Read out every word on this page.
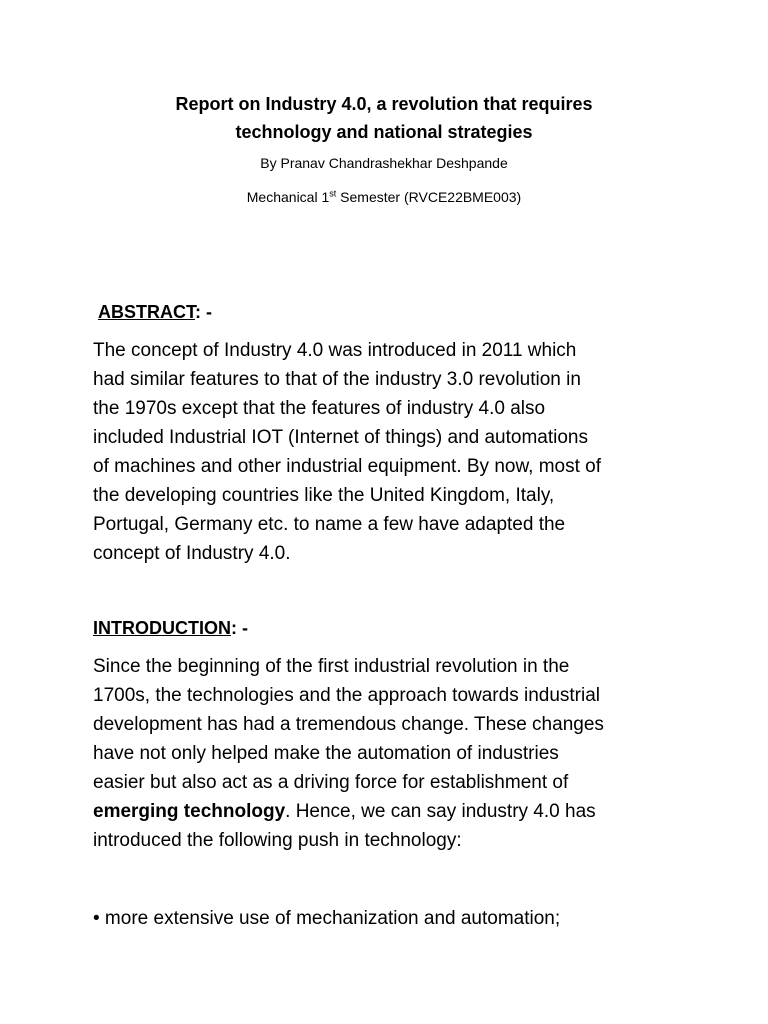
Report on Industry 4.0, a revolution that requires
technology and national strategies
By Pranav Chandrashekhar Deshpande
Mechanical 1st Semester (RVCE22BME003)
ABSTRACT: -

The concept of Industry 4.0 was introduced in 2011 which

had similar features to that of the industry 3.0 revolution in

the 1970s except that the features of industry 4.0 also

included Industrial IOT (Internet of things) and automations

of machines and other industrial equipment. By now, most of

the developing countries like the United Kingdom, Italy,

Portugal, Germany etc. to name a few have adapted the

concept of Industry 4.0.

INTRODUCTION: -

Since the beginning of the first industrial revolution in the

1700s, the technologies and the approach towards industrial

development has had a tremendous change. These changes

have not only helped make the automation of industries

easier but also act as a driving force for establishment of

emerging technology. Hence, we can say industry 4.0 has

introduced the following push in technology:

• more extensive use of mechanization and automation;
